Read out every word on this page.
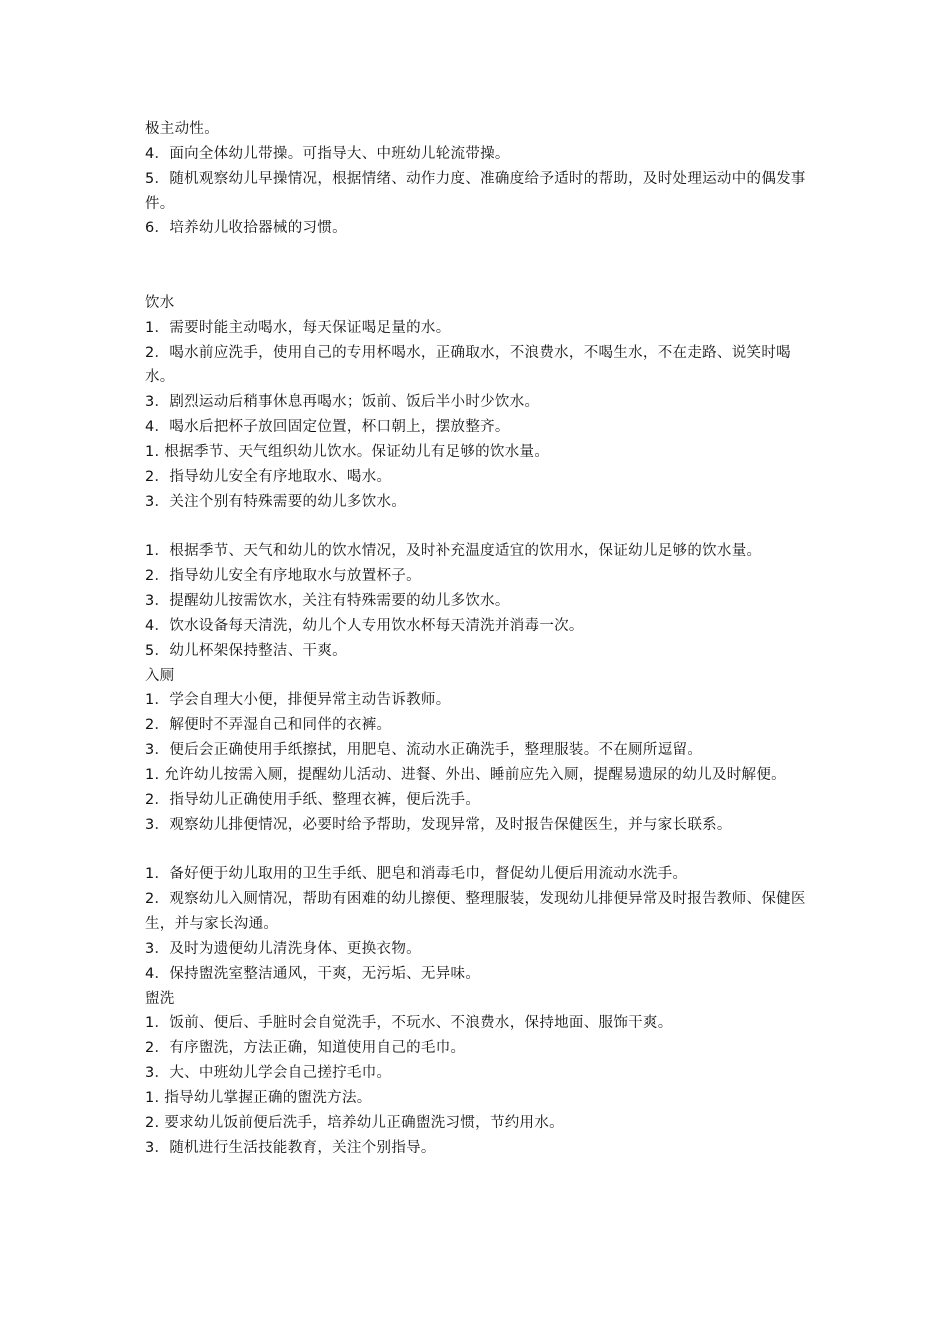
极主动性。
4．面向全体幼儿带操。可指导大、中班幼儿轮流带操。
5．随机观察幼儿早操情况，根据情绪、动作力度、准确度给予适时的帮助，及时处理运动中的偶发事件。
6．培养幼儿收拾器械的习惯。
饮水
1．需要时能主动喝水，每天保证喝足量的水。
2．喝水前应洗手，使用自己的专用杯喝水，正确取水，不浪费水，不喝生水，不在走路、说笑时喝水。
3．剧烈运动后稍事休息再喝水；饭前、饭后半小时少饮水。
4．喝水后把杯子放回固定位置，杯口朝上，摆放整齐。
1. 根据季节、天气组织幼儿饮水。保证幼儿有足够的饮水量。
2．指导幼儿安全有序地取水、喝水。
3．关注个别有特殊需要的幼儿多饮水。
1．根据季节、天气和幼儿的饮水情况，及时补充温度适宜的饮用水，保证幼儿足够的饮水量。
2．指导幼儿安全有序地取水与放置杯子。
3．提醒幼儿按需饮水，关注有特殊需要的幼儿多饮水。
4．饮水设备每天清洗，幼儿个人专用饮水杯每天清洗并消毒一次。
5．幼儿杯架保持整洁、干爽。
入厕
1．学会自理大小便，排便异常主动告诉教师。
2．解便时不弄湿自己和同伴的衣裤。
3．便后会正确使用手纸擦拭，用肥皂、流动水正确洗手，整理服装。不在厕所逗留。
1. 允许幼儿按需入厕，提醒幼儿活动、进餐、外出、睡前应先入厕，提醒易遗尿的幼儿及时解便。
2．指导幼儿正确使用手纸、整理衣裤，便后洗手。
3．观察幼儿排便情况，必要时给予帮助，发现异常，及时报告保健医生，并与家长联系。
1．备好便于幼儿取用的卫生手纸、肥皂和消毒毛巾，督促幼儿便后用流动水洗手。
2．观察幼儿入厕情况，帮助有困难的幼儿擦便、整理服装，发现幼儿排便异常及时报告教师、保健医生，并与家长沟通。
3．及时为遗便幼儿清洗身体、更换衣物。
4．保持盥洗室整洁通风，干爽，无污垢、无异味。
盥洗
1．饭前、便后、手脏时会自觉洗手，不玩水、不浪费水，保持地面、服饰干爽。
2．有序盥洗，方法正确，知道使用自己的毛巾。
3．大、中班幼儿学会自己搓拧毛巾。
1. 指导幼儿掌握正确的盥洗方法。
2. 要求幼儿饭前便后洗手，培养幼儿正确盥洗习惯，节约用水。
3．随机进行生活技能教育，关注个别指导。
